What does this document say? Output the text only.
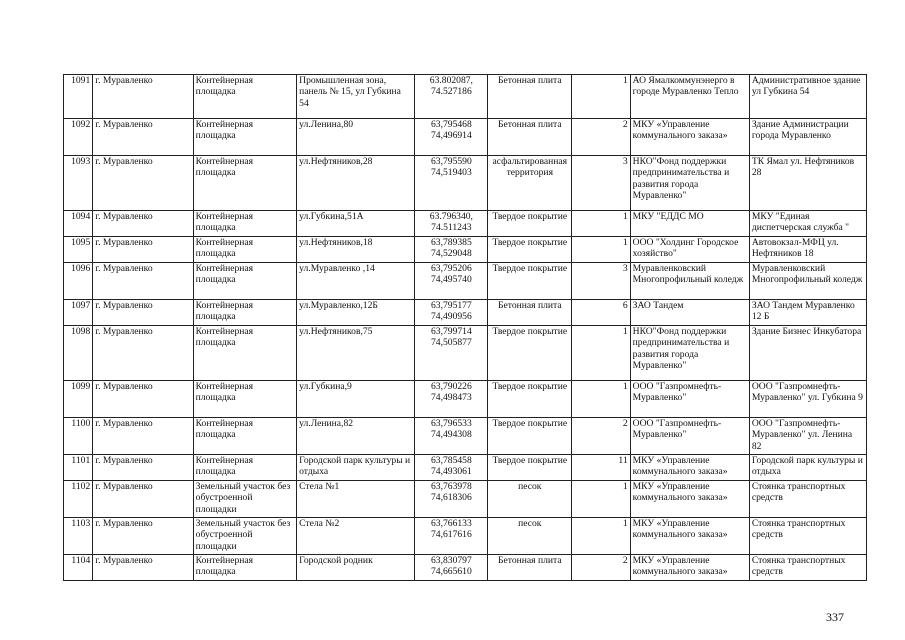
1091	г. Муравленко	Контейнерная площадка	Промышленная зона, панель № 15, ул Губкина 54	63.802087, 74.527186	Бетонная плита	1	АО Ямалкоммунэнерго в городе Муравленко Тепло	Административное здание ул Губкина 54
1092	г. Муравленко	Контейнерная площадка	ул.Ленина,80	63,795468 74,496914	Бетонная плита	2	МКУ «Управление коммунального заказа»	Здание Администрации города Муравленко
1093	г. Муравленко	Контейнерная площадка	ул.Нефтяников,28	63,795590 74,519403	асфальтированная территория	3	НКО"Фонд поддержки предпринимательства и развития города Муравленко"	ТК Ямал ул. Нефтяников 28
1094	г. Муравленко	Контейнерная площадка	ул.Губкина,51А	63.796340, 74.511243	Твердое покрытие	1	МКУ "ЕДДС МО	МКУ "Единая диспетчерская служба "
1095	г. Муравленко	Контейнерная площадка	ул.Нефтяников,18	63,789385 74,529048	Твердое покрытие	1	ООО "Холдинг Городское хозяйство"	Автовокзал-МФЦ ул. Нефтяников 18
1096	г. Муравленко	Контейнерная площадка	ул.Муравленко ,14	63,795206 74,495740	Твердое покрытие	3	Муравленковский Многопрофильный коледж	Муравленковский Многопрофильный коледж
1097	г. Муравленко	Контейнерная площадка	ул.Муравленко,12Б	63,795177 74,490956	Бетонная плита	6	ЗАО Тандем	ЗАО Тандем Муравленко 12 Б
1098	г. Муравленко	Контейнерная площадка	ул.Нефтяников,75	63,799714 74,505877	Твердое покрытие	1	НКО"Фонд поддержки предпринимательства и развития города Муравленко"	Здание Бизнес Инкубатора
1099	г. Муравленко	Контейнерная площадка	ул.Губкина,9	63,790226 74,498473	Твердое покрытие	1	ООО "Газпромнефть-Муравленко"	ООО "Газпромнефть-Муравленко" ул. Губкина 9
1100	г. Муравленко	Контейнерная площадка	ул.Ленина,82	63,796533 74,494308	Твердое покрытие	2	ООО "Газпромнефть-Муравленко"	ООО "Газпромнефть-Муравленко" ул. Ленина 82
1101	г. Муравленко	Контейнерная площадка	Городской парк культуры и отдыха	63,785458 74,493061	Твердое покрытие	11	МКУ «Управление коммунального заказа»	Городской парк культуры и отдыха
1102	г. Муравленко	Земельный участок без обустроенной площадки	Стела №1	63,763978 74,618306	песок	1	МКУ «Управление коммунального заказа»	Стоянка транспортных средств
1103	г. Муравленко	Земельный участок без обустроенной площадки	Стела №2	63,766133 74,617616	песок	1	МКУ «Управление коммунального заказа»	Стоянка транспортных средств
1104	г. Муравленко	Контейнерная площадка	Городской родник	63,830797 74,665610	Бетонная плита	2	МКУ «Управление коммунального заказа»	Стоянка транспортных средств
337
